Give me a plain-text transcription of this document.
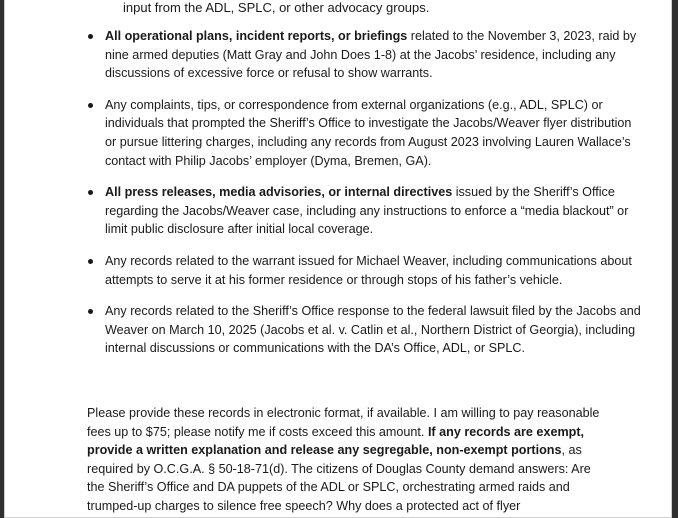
input from the ADL, SPLC, or other advocacy groups.

All operational plans, incident reports, or briefings related to the November 3, 2023, raid by nine armed deputies (Matt Gray and John Does 1-8) at the Jacobs’ residence, including any discussions of excessive force or refusal to show warrants.
Any complaints, tips, or correspondence from external organizations (e.g., ADL, SPLC) or individuals that prompted the Sheriff’s Office to investigate the Jacobs/Weaver flyer distribution or pursue littering charges, including any records from August 2023 involving Lauren Wallace’s contact with Philip Jacobs’ employer (Dyma, Bremen, GA).
All press releases, media advisories, or internal directives issued by the Sheriff’s Office regarding the Jacobs/Weaver case, including any instructions to enforce a “media blackout” or limit public disclosure after initial local coverage.
Any records related to the warrant issued for Michael Weaver, including communications about attempts to serve it at his former residence or through stops of his father’s vehicle.
Any records related to the Sheriff’s Office response to the federal lawsuit filed by the Jacobs and Weaver on March 10, 2025 (Jacobs et al. v. Catlin et al., Northern District of Georgia), including internal discussions or communications with the DA’s Office, ADL, or SPLC.

Please provide these records in electronic format, if available. I am willing to pay reasonable fees up to $75; please notify me if costs exceed this amount. If any records are exempt, provide a written explanation and release any segregable, non-exempt portions, as required by O.C.G.A. § 50-18-71(d). The citizens of Douglas County demand answers: Are the Sheriff’s Office and DA puppets of the ADL or SPLC, orchestrating armed raids and trumped-up charges to silence free speech? Why does a protected act of flyer
